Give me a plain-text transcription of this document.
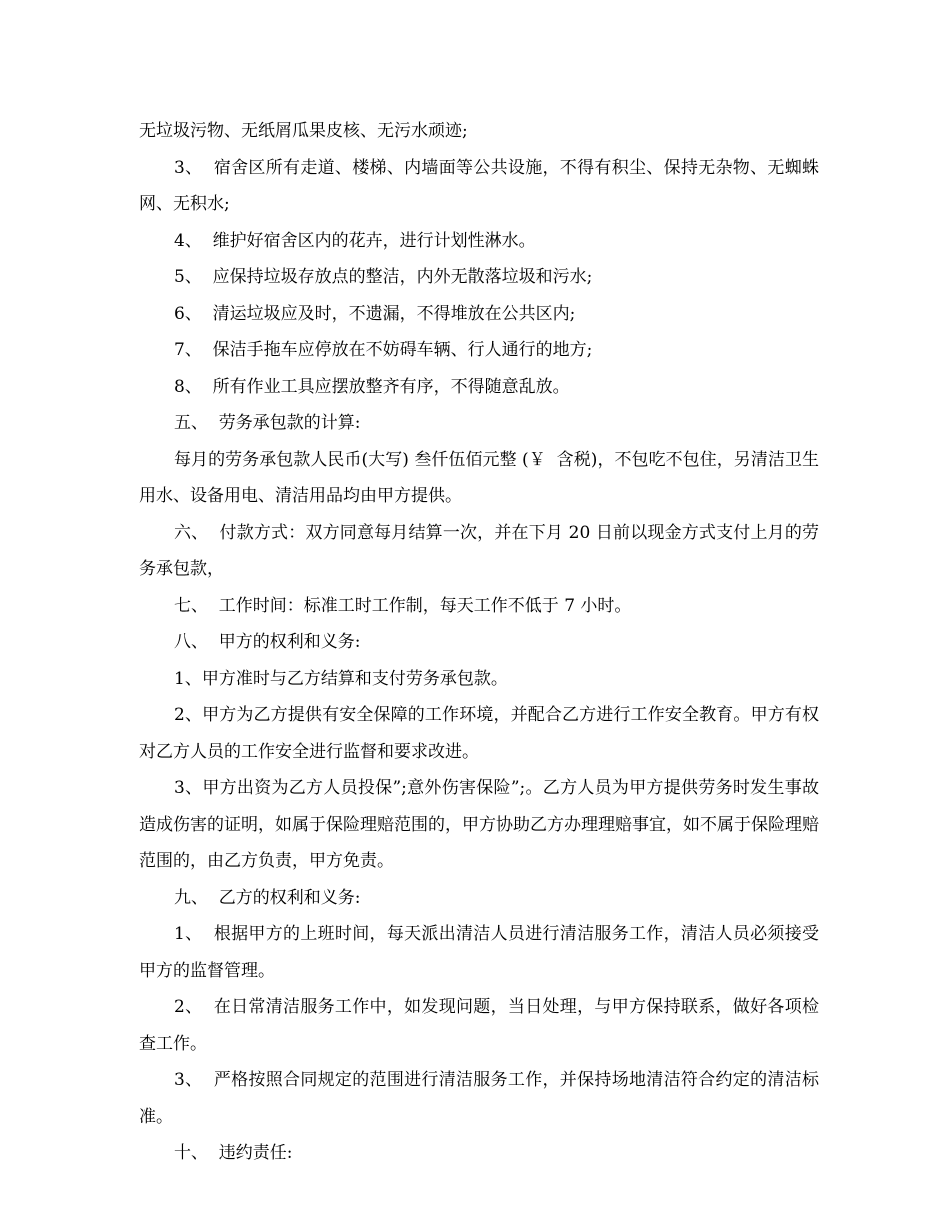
无垃圾污物、无纸屑瓜果皮核、无污水顽迹;

3、  宿舍区所有走道、楼梯、内墙面等公共设施，不得有积尘、保持无杂物、无蜘蛛网、无积水;

4、  维护好宿舍区内的花卉，进行计划性淋水。

5、  应保持垃圾存放点的整洁，内外无散落垃圾和污水;

6、  清运垃圾应及时，不遗漏，不得堆放在公共区内;

7、  保洁手拖车应停放在不妨碍车辆、行人通行的地方;

8、  所有作业工具应摆放整齐有序，不得随意乱放。

五、  劳务承包款的计算:

每月的劳务承包款人民币(大写) 叁仟伍佰元整 (￥  含税)，不包吃不包住，另清洁卫生用水、设备用电、清洁用品均由甲方提供。

六、  付款方式：双方同意每月结算一次，并在下月 20 日前以现金方式支付上月的劳务承包款，

七、  工作时间：标准工时工作制，每天工作不低于 7 小时。

八、  甲方的权利和义务:

1、甲方准时与乙方结算和支付劳务承包款。

2、甲方为乙方提供有安全保障的工作环境，并配合乙方进行工作安全教育。甲方有权对乙方人员的工作安全进行监督和要求改进。

3、甲方出资为乙方人员投保”;意外伤害保险”;。乙方人员为甲方提供劳务时发生事故造成伤害的证明，如属于保险理赔范围的，甲方协助乙方办理理赔事宜，如不属于保险理赔范围的，由乙方负责，甲方免责。

九、  乙方的权利和义务:

1、  根据甲方的上班时间，每天派出清洁人员进行清洁服务工作，清洁人员必须接受甲方的监督管理。

2、  在日常清洁服务工作中，如发现问题，当日处理，与甲方保持联系，做好各项检查工作。

3、  严格按照合同规定的范围进行清洁服务工作，并保持场地清洁符合约定的清洁标准。

十、  违约责任:
